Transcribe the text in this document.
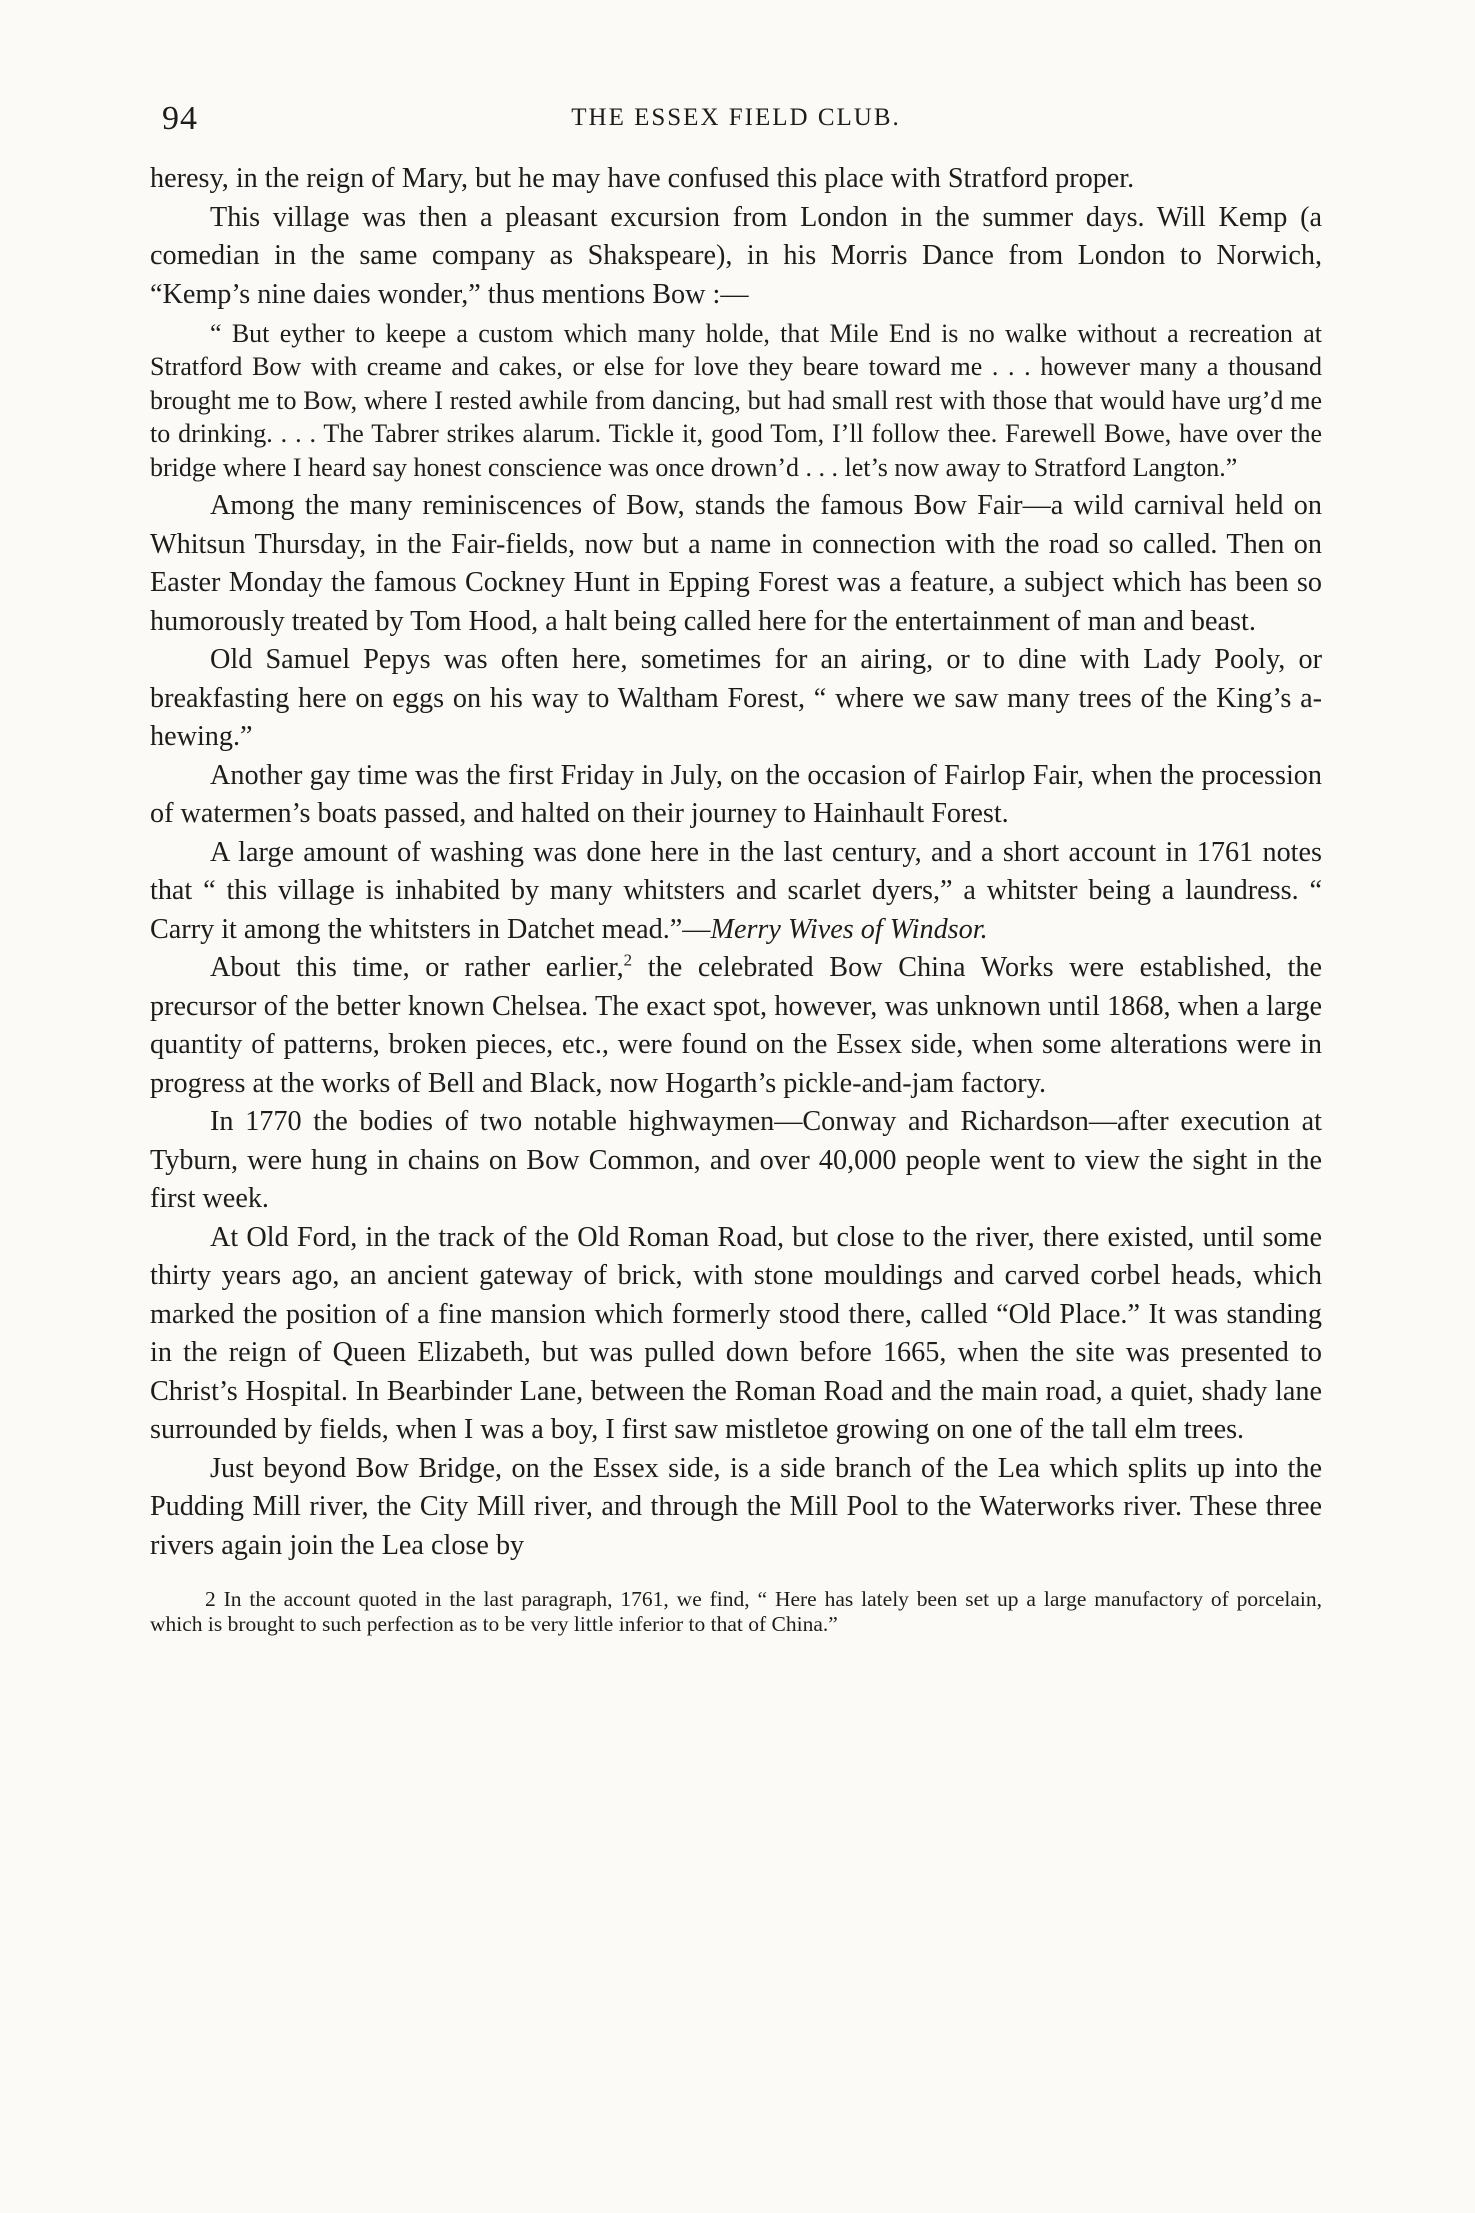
94	THE ESSEX FIELD CLUB.

heresy, in the reign of Mary, but he may have confused this place with Stratford proper.

This village was then a pleasant excursion from London in the summer days. Will Kemp (a comedian in the same company as Shakspeare), in his Morris Dance from London to Norwich, “Kemp’s nine daies wonder,” thus mentions Bow :—

“ But eyther to keepe a custom which many holde, that Mile End is no walke without a recreation at Stratford Bow with creame and cakes, or else for love they beare toward me . . . however many a thousand brought me to Bow, where I rested awhile from dancing, but had small rest with those that would have urg’d me to drinking. . . . The Tabrer strikes alarum. Tickle it, good Tom, I’ll follow thee. Farewell Bowe, have over the bridge where I heard say honest conscience was once drown’d . . . let’s now away to Stratford Langton.”

Among the many reminiscences of Bow, stands the famous Bow Fair—a wild carnival held on Whitsun Thursday, in the Fair-fields, now but a name in connection with the road so called. Then on Easter Monday the famous Cockney Hunt in Epping Forest was a feature, a subject which has been so humorously treated by Tom Hood, a halt being called here for the entertainment of man and beast.

Old Samuel Pepys was often here, sometimes for an airing, or to dine with Lady Pooly, or breakfasting here on eggs on his way to Waltham Forest, “ where we saw many trees of the King’s a-hewing.”

Another gay time was the first Friday in July, on the occasion of Fairlop Fair, when the procession of watermen’s boats passed, and halted on their journey to Hainhault Forest.

A large amount of washing was done here in the last century, and a short account in 1761 notes that “ this village is inhabited by many whitsters and scarlet dyers,” a whitster being a laundress. “ Carry it among the whitsters in Datchet mead.”—Merry Wives of Windsor.

About this time, or rather earlier,$^2$ the celebrated Bow China Works were established, the precursor of the better known Chelsea. The exact spot, however, was unknown until 1868, when a large quantity of patterns, broken pieces, etc., were found on the Essex side, when some alterations were in progress at the works of Bell and Black, now Hogarth’s pickle-and-jam factory.

In 1770 the bodies of two notable highwaymen—Conway and Richardson—after execution at Tyburn, were hung in chains on Bow Common, and over 40,000 people went to view the sight in the first week.

At Old Ford, in the track of the Old Roman Road, but close to the river, there existed, until some thirty years ago, an ancient gateway of brick, with stone mouldings and carved corbel heads, which marked the position of a fine mansion which formerly stood there, called “Old Place.” It was standing in the reign of Queen Elizabeth, but was pulled down before 1665, when the site was presented to Christ’s Hospital. In Bearbinder Lane, between the Roman Road and the main road, a quiet, shady lane surrounded by fields, when I was a boy, I first saw mistletoe growing on one of the tall elm trees.

Just beyond Bow Bridge, on the Essex side, is a side branch of the Lea which splits up into the Pudding Mill river, the City Mill river, and through the Mill Pool to the Waterworks river. These three rivers again join the Lea close by

2 In the account quoted in the last paragraph, 1761, we find, “ Here has lately been set up a large manufactory of porcelain, which is brought to such perfection as to be very little inferior to that of China.”
